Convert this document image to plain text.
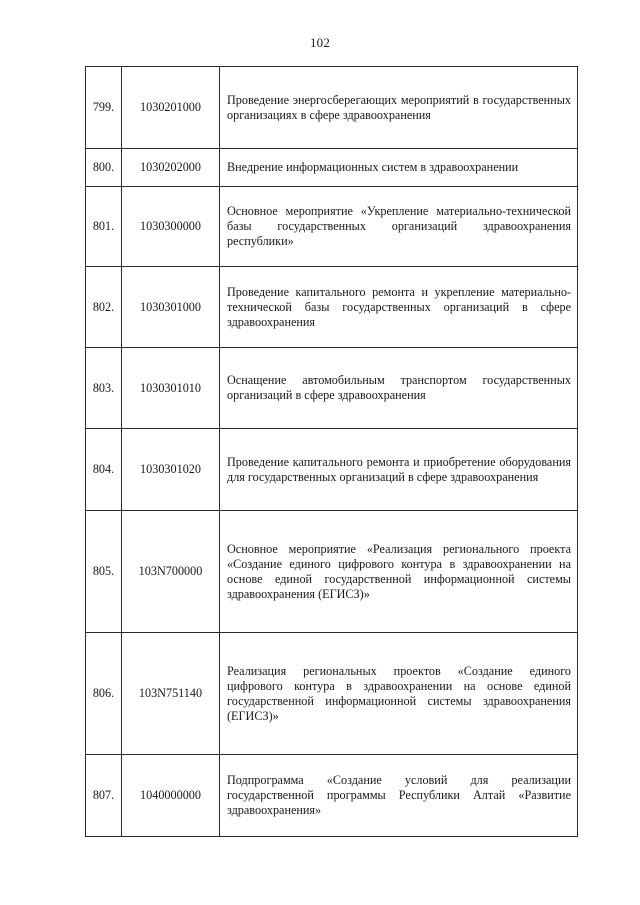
102
799.	1030201000	Проведение энергосберегающих мероприятий в государственных организациях в сфере здравоохранения

800.	1030202000	Внедрение информационных систем в здравоохранении

801.	1030300000	Основное мероприятие «Укрепление материально-технической базы государственных организаций здравоохранения республики»

802.	1030301000	Проведение капитального ремонта и укрепление материально-технической базы государственных организаций в сфере здравоохранения

803.	1030301010	Оснащение автомобильным транспортом государственных организаций в сфере здравоохранения

804.	1030301020	Проведение капитального ремонта и приобретение оборудования для государственных организаций в сфере здравоохранения

805.	103N700000	Основное мероприятие «Реализация регионального проекта «Создание единого цифрового контура в здравоохранении на основе единой государственной информационной системы здравоохранения (ЕГИСЗ)»

806.	103N751140	Реализация региональных проектов «Создание единого цифрового контура в здравоохранении на основе единой государственной информационной системы здравоохранения (ЕГИСЗ)»

807.	1040000000	Подпрограмма «Создание условий для реализации государственной программы Республики Алтай «Развитие здравоохранения»
